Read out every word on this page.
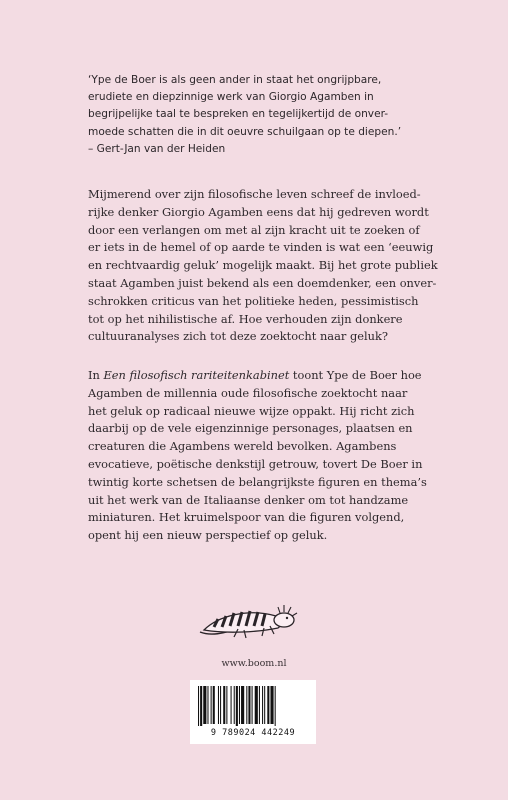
‘Ype de Boer is als geen ander in staat het ongrijpbare,
erudiete en diepzinnige werk van Giorgio Agamben in
begrijpelijke taal te bespreken en tegelijkertijd de onver-
moede schatten die in dit oeuvre schuilgaan op te diepen.’
– Gert-Jan van der Heiden
Mijmerend over zijn filosofische leven schreef de invloed-
rijke denker Giorgio Agamben eens dat hij gedreven wordt
door een verlangen om met al zijn kracht uit te zoeken of
er iets in de hemel of op aarde te vinden is wat een ‘eeuwig
en rechtvaardig geluk’ mogelijk maakt. Bij het grote publiek
staat Agamben juist bekend als een doemdenker, een onver-
schrokken criticus van het politieke heden, pessimistisch
tot op het nihilistische af. Hoe verhouden zijn donkere
cultuuranalyses zich tot deze zoektocht naar geluk?
In Een filosofisch rariteitenkabinet toont Ype de Boer hoe
Agamben de millennia oude filosofische zoektocht naar
het geluk op radicaal nieuwe wijze oppakt. Hij richt zich
daarbij op de vele eigenzinnige personages, plaatsen en
creaturen die Agambens wereld bevolken. Agambens
evocatieve, poëtische denkstijl getrouw, tovert De Boer in
twintig korte schetsen de belangrijkste figuren en thema’s
uit het werk van de Italiaanse denker om tot handzame
miniaturen. Het kruimelspoor van die figuren volgend,
opent hij een nieuw perspectief op geluk.
www.boom.nl
9 789024 442249
